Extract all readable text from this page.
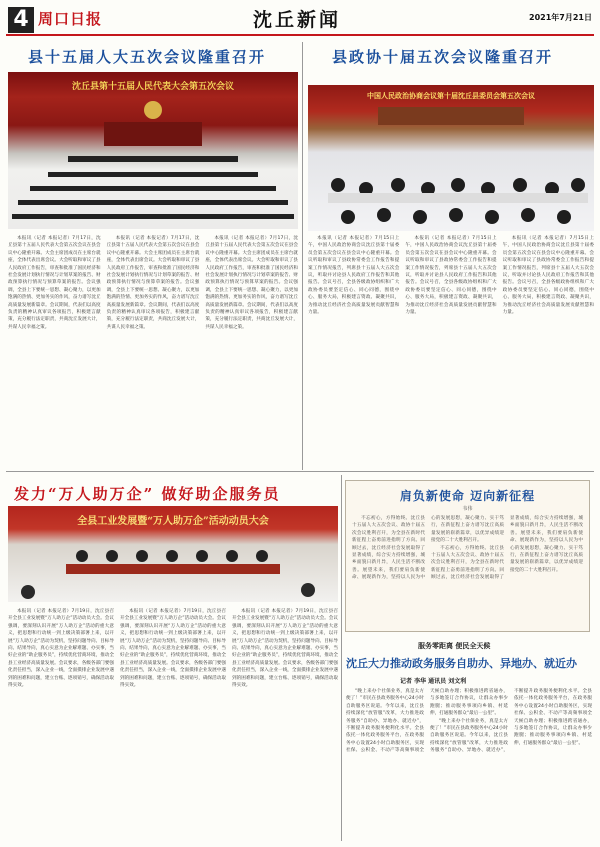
4 周口日报	沈丘新闻	2021年7月21日
县十五届人大五次会议隆重召开
沈丘县第十五届人民代表大会第五次会议

本报讯（记者 本报记者）7月17日，沈丘县第十五届人民代表大会第五次会议在县会议中心隆重开幕。大会主席团成员在主席台就座，全体代表出席会议。大会听取和审议了县人民政府工作报告，审查和批准了国民经济和社会发展计划执行情况与计划草案的报告、财政预算执行情况与预算草案的报告。会议强调，全县上下要统一思想、凝心聚力，以更加饱满的热情、更加务实的作风，奋力谱写沈丘高质量发展新篇章。会议期间，代表们以高度负责的精神认真审议各项报告，积极建言献策，充分履行法定职责，共商沈丘发展大计，共谋人民幸福之策。

本报讯（记者 本报记者）7月17日，沈丘县第十五届人民代表大会第五次会议在县会议中心隆重开幕。大会主席团成员在主席台就座，全体代表出席会议。大会听取和审议了县人民政府工作报告，审查和批准了国民经济和社会发展计划执行情况与计划草案的报告、财政预算执行情况与预算草案的报告。会议强调，全县上下要统一思想、凝心聚力，以更加饱满的热情、更加务实的作风，奋力谱写沈丘高质量发展新篇章。会议期间，代表们以高度负责的精神认真审议各项报告，积极建言献策，充分履行法定职责，共商沈丘发展大计，共谋人民幸福之策。

本报讯（记者 本报记者）7月17日，沈丘县第十五届人民代表大会第五次会议在县会议中心隆重开幕。大会主席团成员在主席台就座，全体代表出席会议。大会听取和审议了县人民政府工作报告，审查和批准了国民经济和社会发展计划执行情况与计划草案的报告、财政预算执行情况与预算草案的报告。会议强调，全县上下要统一思想、凝心聚力，以更加饱满的热情、更加务实的作风，奋力谱写沈丘高质量发展新篇章。会议期间，代表们以高度负责的精神认真审议各项报告，积极建言献策，充分履行法定职责，共商沈丘发展大计，共谋人民幸福之策。

县政协十届五次会议隆重召开
中国人民政治协商会议第十届沈丘县委员会第五次会议

本报讯（记者 本报记者）7月15日上午，中国人民政治协商会议沈丘县第十届委员会第五次会议在县会议中心隆重开幕。会议听取和审议了县政协常委会工作报告和提案工作情况报告，列席县十五届人大五次会议，听取并讨论县人民政府工作报告和其他报告。会议号召，全县各级政协组织和广大政协委员要坚定信心、同心同德，围绕中心、服务大局，积极建言资政、凝聚共识，为推动沈丘经济社会高质量发展贡献智慧和力量。

本报讯（记者 本报记者）7月15日上午，中国人民政治协商会议沈丘县第十届委员会第五次会议在县会议中心隆重开幕。会议听取和审议了县政协常委会工作报告和提案工作情况报告，列席县十五届人大五次会议，听取并讨论县人民政府工作报告和其他报告。会议号召，全县各级政协组织和广大政协委员要坚定信心、同心同德，围绕中心、服务大局，积极建言资政、凝聚共识，为推动沈丘经济社会高质量发展贡献智慧和力量。

本报讯（记者 本报记者）7月15日上午，中国人民政治协商会议沈丘县第十届委员会第五次会议在县会议中心隆重开幕。会议听取和审议了县政协常委会工作报告和提案工作情况报告，列席县十五届人大五次会议，听取并讨论县人民政府工作报告和其他报告。会议号召，全县各级政协组织和广大政协委员要坚定信心、同心同德，围绕中心、服务大局，积极建言资政、凝聚共识，为推动沈丘经济社会高质量发展贡献智慧和力量。

发力“万人助万企” 做好助企服务员
全县工业发展暨“万人助万企”活动动员大会

本报讯（记者 本报记者）7月19日，沈丘县召开全县工业发展暨“万人助万企”活动动员大会。会议强调，要深刻认识开展“万人助万企”活动的重大意义，把思想和行动统一到上级决策部署上来，以开展“万人助万企”活动为契机，坚持问题导向、目标导向、结果导向，真心实意为企业解难题、办实事，当好企业的“助企服务员”，持续优化营商环境，推动全县工业经济高质量发展。会议要求，各级各部门要强化责任担当，深入企业一线，全面摸排企业发展中遇到的困难和问题，建立台账、逐项销号，确保活动取得实效。

本报讯（记者 本报记者）7月19日，沈丘县召开全县工业发展暨“万人助万企”活动动员大会。会议强调，要深刻认识开展“万人助万企”活动的重大意义，把思想和行动统一到上级决策部署上来，以开展“万人助万企”活动为契机，坚持问题导向、目标导向、结果导向，真心实意为企业解难题、办实事，当好企业的“助企服务员”，持续优化营商环境，推动全县工业经济高质量发展。会议要求，各级各部门要强化责任担当，深入企业一线，全面摸排企业发展中遇到的困难和问题，建立台账、逐项销号，确保活动取得实效。

本报讯（记者 本报记者）7月19日，沈丘县召开全县工业发展暨“万人助万企”活动动员大会。会议强调，要深刻认识开展“万人助万企”活动的重大意义，把思想和行动统一到上级决策部署上来，以开展“万人助万企”活动为契机，坚持问题导向、目标导向、结果导向，真心实意为企业解难题、办实事，当好企业的“助企服务员”，持续优化营商环境，推动全县工业经济高质量发展。会议要求，各级各部门要强化责任担当，深入企业一线，全面摸排企业发展中遇到的困难和问题，建立台账、逐项销号，确保活动取得实效。

肩负新使命 迈向新征程
韦伟

不忘初心，方得始终。沈丘县十五届人大五次会议、政协十届五次会议胜利召开，为全县在新时代新征程上奋勇前进指明了方向。回顾过去，沈丘经济社会发展取得了显著成绩，综合实力持续增强，城乡面貌日新月异，人民生活不断改善。展望未来，我们要肩负新使命、展现新作为，坚持以人民为中心的发展思想，凝心聚力、实干笃行，在新征程上奋力谱写沈丘高质量发展的崭新篇章，以优异成绩迎接党的二十大胜利召开。

不忘初心，方得始终。沈丘县十五届人大五次会议、政协十届五次会议胜利召开，为全县在新时代新征程上奋勇前进指明了方向。回顾过去，沈丘经济社会发展取得了显著成绩，综合实力持续增强，城乡面貌日新月异，人民生活不断改善。展望未来，我们要肩负新使命、展现新作为，坚持以人民为中心的发展思想，凝心聚力、实干笃行，在新征程上奋力谱写沈丘高质量发展的崭新篇章，以优异成绩迎接党的二十大胜利召开。

服务零距离 便民全天候
沈丘大力推动政务服务自助办、异地办、就近办
记者 李华 通讯员 刘文利

“晚上来办个社保业务，真是太方便了！”市民在县政务服务中心24小时自助服务区说道。今年以来，沈丘县持续深化“放管服”改革，大力推进政务服务“自助办、异地办、就近办”，不断提升政务服务便利化水平。全县依托一体化政务服务平台，在政务服务中心设置24小时自助服务区，实现社保、公积金、不动产等高频事项全天候自助办理；积极推进跨省通办，与多地签订合作协议，让群众办事少跑腿；推动服务事项向乡镇、村延伸，打通服务群众“最后一公里”。

“晚上来办个社保业务，真是太方便了！”市民在县政务服务中心24小时自助服务区说道。今年以来，沈丘县持续深化“放管服”改革，大力推进政务服务“自助办、异地办、就近办”，不断提升政务服务便利化水平。全县依托一体化政务服务平台，在政务服务中心设置24小时自助服务区，实现社保、公积金、不动产等高频事项全天候自助办理；积极推进跨省通办，与多地签订合作协议，让群众办事少跑腿；推动服务事项向乡镇、村延伸，打通服务群众“最后一公里”。
